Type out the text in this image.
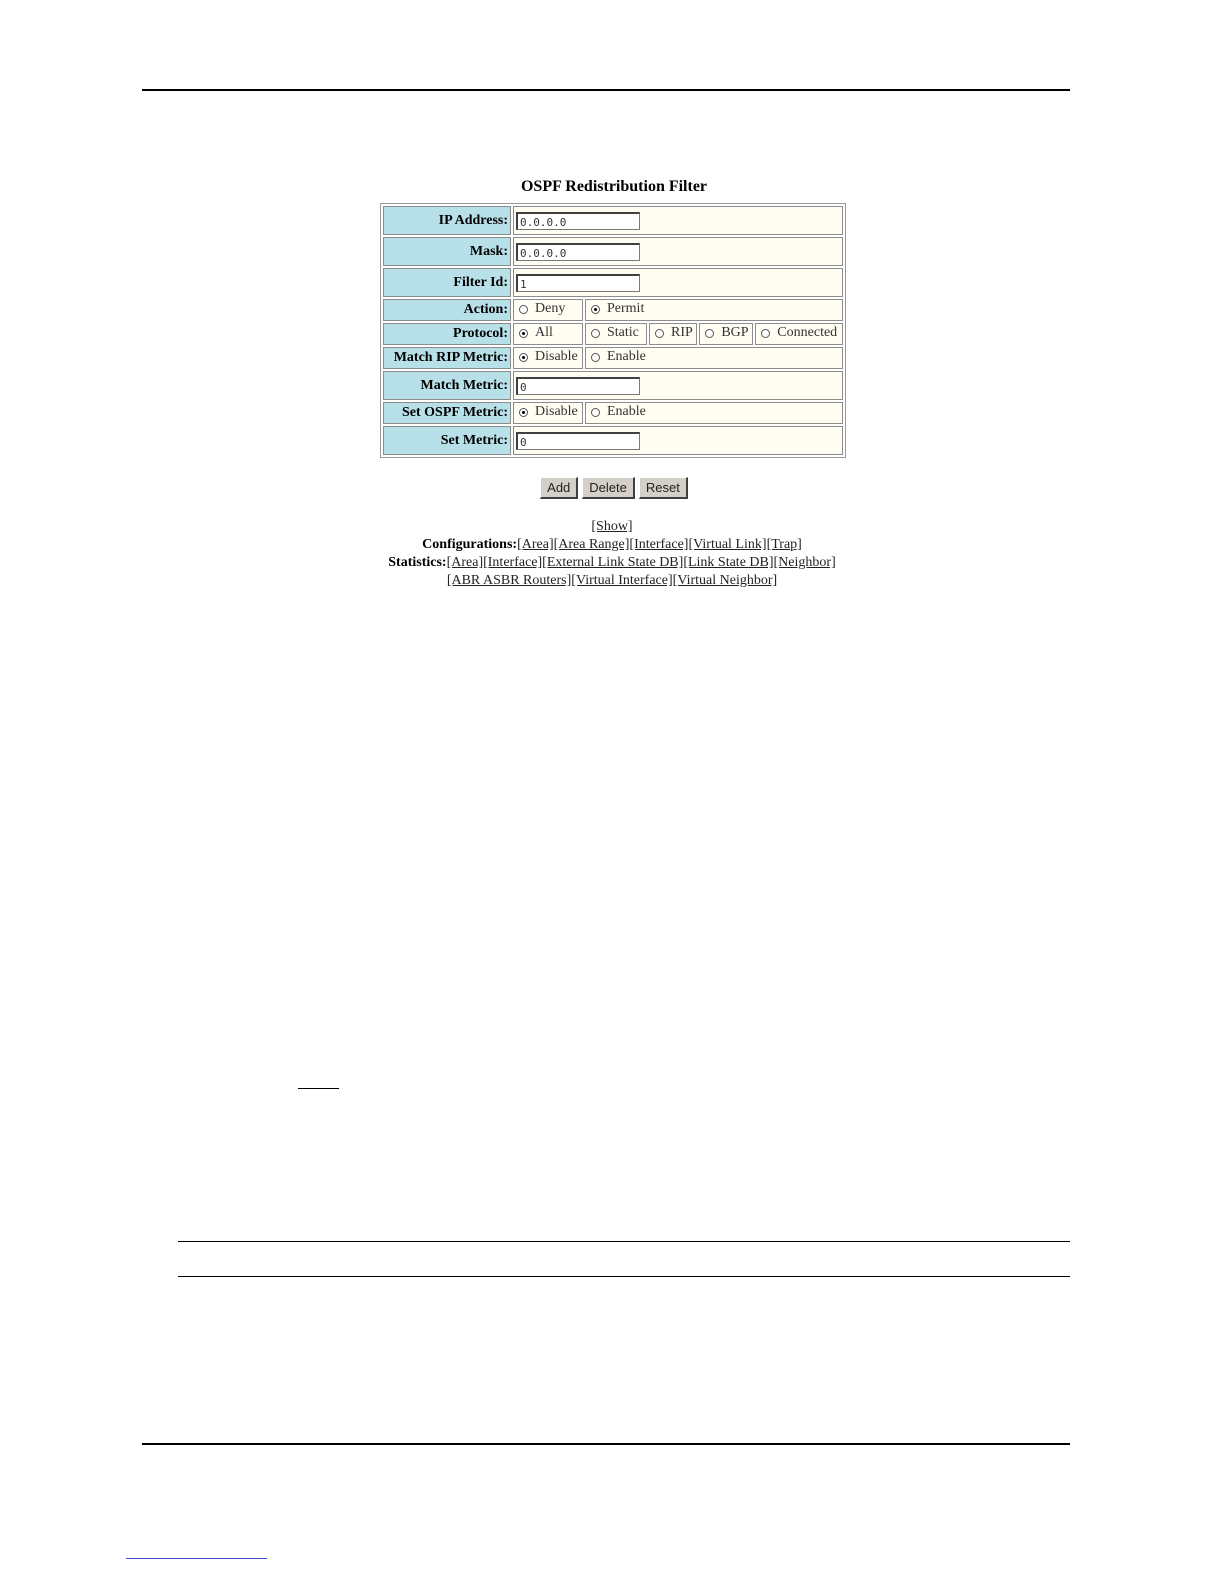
OSPF Redistribution Filter
IP Address:	0.0.0.0				
Mask:	0.0.0.0				
Filter Id:	1				
Action:	Deny	Permit			

Protocol:	All	Static	RIP	BGP	Connected

Match RIP Metric:	Disable	Enable			

Match Metric:	0				
Set OSPF Metric:	Disable	Enable			

Set Metric:	0				
Add Delete Reset
[Show]
Configurations:[Area][Area Range][Interface][Virtual Link][Trap]
Statistics:[Area][Interface][External Link State DB][Link State DB][Neighbor]
[ABR ASBR Routers][Virtual Interface][Virtual Neighbor]
